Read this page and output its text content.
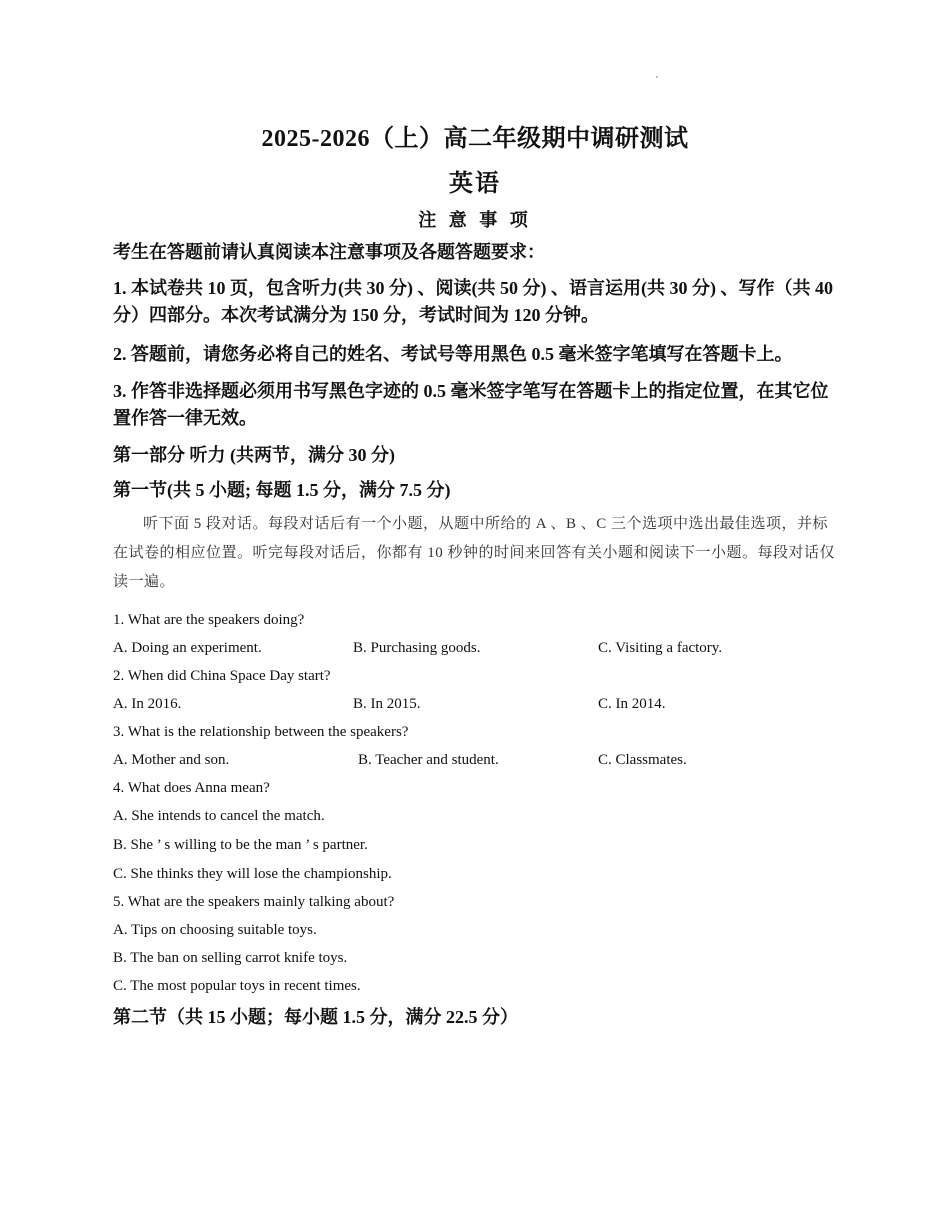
2025-2026（上）高二年级期中调研测试
英语
注 意 事 项
考生在答题前请认真阅读本注意事项及各题答题要求：
1. 本试卷共 10 页，包含听力(共 30 分) 、阅读(共 50 分) 、语言运用(共 30 分) 、写作（共 40 分）四部分。本次考试满分为 150 分，考试时间为 120 分钟。
2. 答题前，请您务必将自己的姓名、考试号等用黑色 0.5 毫米签字笔填写在答题卡上。
3. 作答非选择题必须用书写黑色字迹的 0.5 毫米签字笔写在答题卡上的指定位置，在其它位置作答一律无效。
第一部分 听力 (共两节，满分 30 分)
第一节(共 5 小题; 每题 1.5 分，满分 7.5 分)
听下面 5 段对话。每段对话后有一个小题，从题中所给的 A 、B 、C 三个选项中选出最佳选项，并标在试卷的相应位置。听完每段对话后，你都有 10 秒钟的时间来回答有关小题和阅读下一小题。每段对话仅读一遍。
1. What are the speakers doing?
A. Doing an experiment.	B. Purchasing goods.	C. Visiting a factory.
2. When did China Space Day start?
A. In 2016.	B. In 2015.	C. In 2014.
3. What is the relationship between the speakers?
A. Mother and son.	B. Teacher and student.	C. Classmates.
4. What does Anna mean?
A. She intends to cancel the match.
B. She ’ s willing to be the man ’ s partner.
C. She thinks they will lose the championship.
5. What are the speakers mainly talking about?
A. Tips on choosing suitable toys.
B. The ban on selling carrot knife toys.
C. The most popular toys in recent times.
第二节（共 15 小题；每小题 1.5 分，满分 22.5 分）
